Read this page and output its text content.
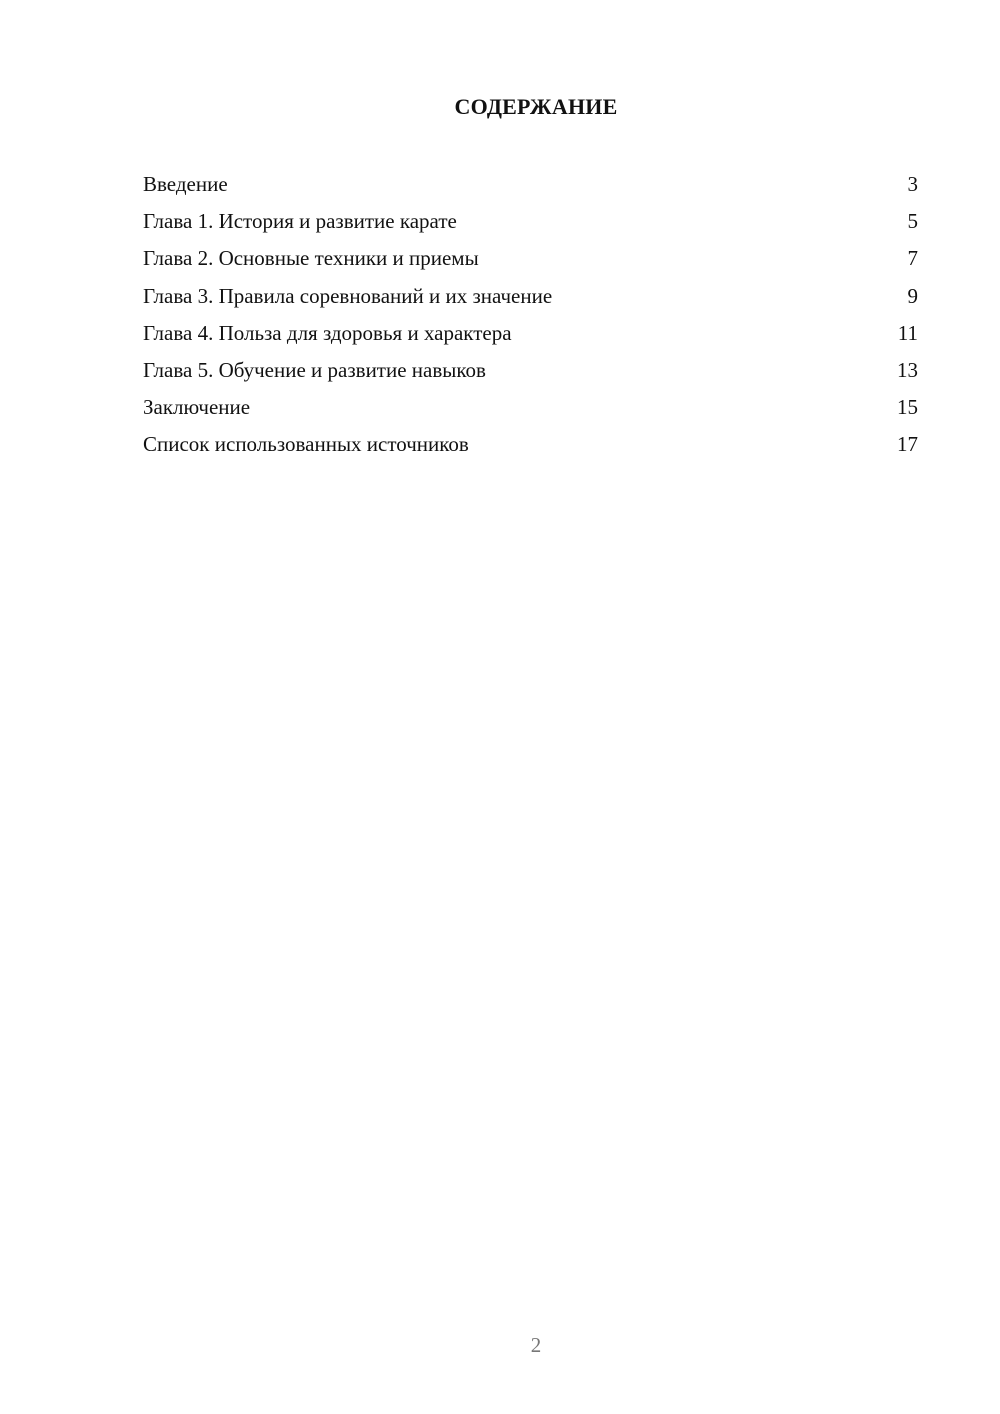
СОДЕРЖАНИЕ
Введение	3
Глава 1. История и развитие карате	5
Глава 2. Основные техники и приемы	7
Глава 3. Правила соревнований и их значение	9
Глава 4. Польза для здоровья и характера	11
Глава 5. Обучение и развитие навыков	13
Заключение	15
Список использованных источников	17
2
